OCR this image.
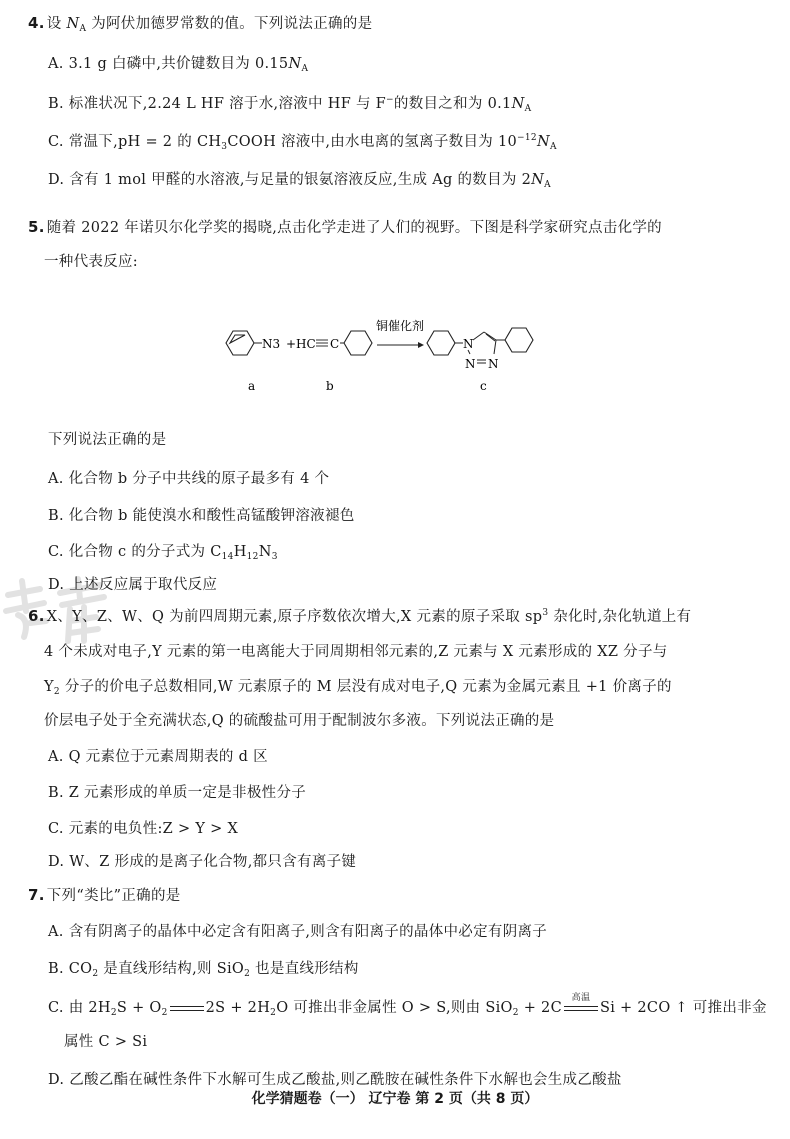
4. 设 $N_A$ 为阿伏加德罗常数的值。下列说法正确的是
A. 3.1 g 白磷中,共价键数目为 $0.15N_A$
B. 标准状况下,2.24 L HF 溶于水,溶液中 HF 与 F−的数目之和为 $0.1N_A$
C. 常温下,pH = 2 的 $CH_3COOH$ 溶液中,由水电离的氢离子数目为 $10^{-12}N_A$
D. 含有 1 mol 甲醛的水溶液,与足量的银氨溶液反应,生成 Ag 的数目为 $2N_A$
5. 随着 2022 年诺贝尔化学奖的揭晓,点击化学走进了人们的视野。下图是科学家研究点击化学的
一种代表反应:
N3 +HC C
铜催化剂
N
N N
a	b	c
下列说法正确的是
A. 化合物 b 分子中共线的原子最多有 4 个
B. 化合物 b 能使溴水和酸性高锰酸钾溶液褪色
C. 化合物 c 的分子式为 $C_{14}H_{12}N_3$
D. 上述反应属于取代反应
6. X、Y、Z、W、Q 为前四周期元素,原子序数依次增大,X 元素的原子采取 $sp^3$ 杂化时,杂化轨道上有
4 个未成对电子,Y 元素的第一电离能大于同周期相邻元素的,Z 元素与 X 元素形成的 XZ 分子与
$Y_2$ 分子的价电子总数相同,W 元素原子的 M 层没有成对电子,Q 元素为金属元素且 +1 价离子的
价层电子处于全充满状态,Q 的硫酸盐可用于配制波尔多液。下列说法正确的是
A. Q 元素位于元素周期表的 d 区
B. Z 元素形成的单质一定是非极性分子
C. 元素的电负性:Z > Y > X
D. W、Z 形成的是离子化合物,都只含有离子键
7. 下列“类比”正确的是
A. 含有阴离子的晶体中必定含有阳离子,则含有阳离子的晶体中必定有阴离子
B. $CO_2$ 是直线形结构,则 SiO$_2$ 也是直线形结构
C. 由 $2H_2S + O_2$	$2S + 2H_2O$ 可推出非金属性 O > S,则由 SiO$_2$ + 2C
高温
Si + 2CO ↑ 可推出非金
属性 C > Si
D. 乙酸乙酯在碱性条件下水解可生成乙酸盐,则乙酰胺在碱性条件下水解也会生成乙酸盐
化学猜题卷（一） 辽宁卷 第 2 页（共 8 页）
